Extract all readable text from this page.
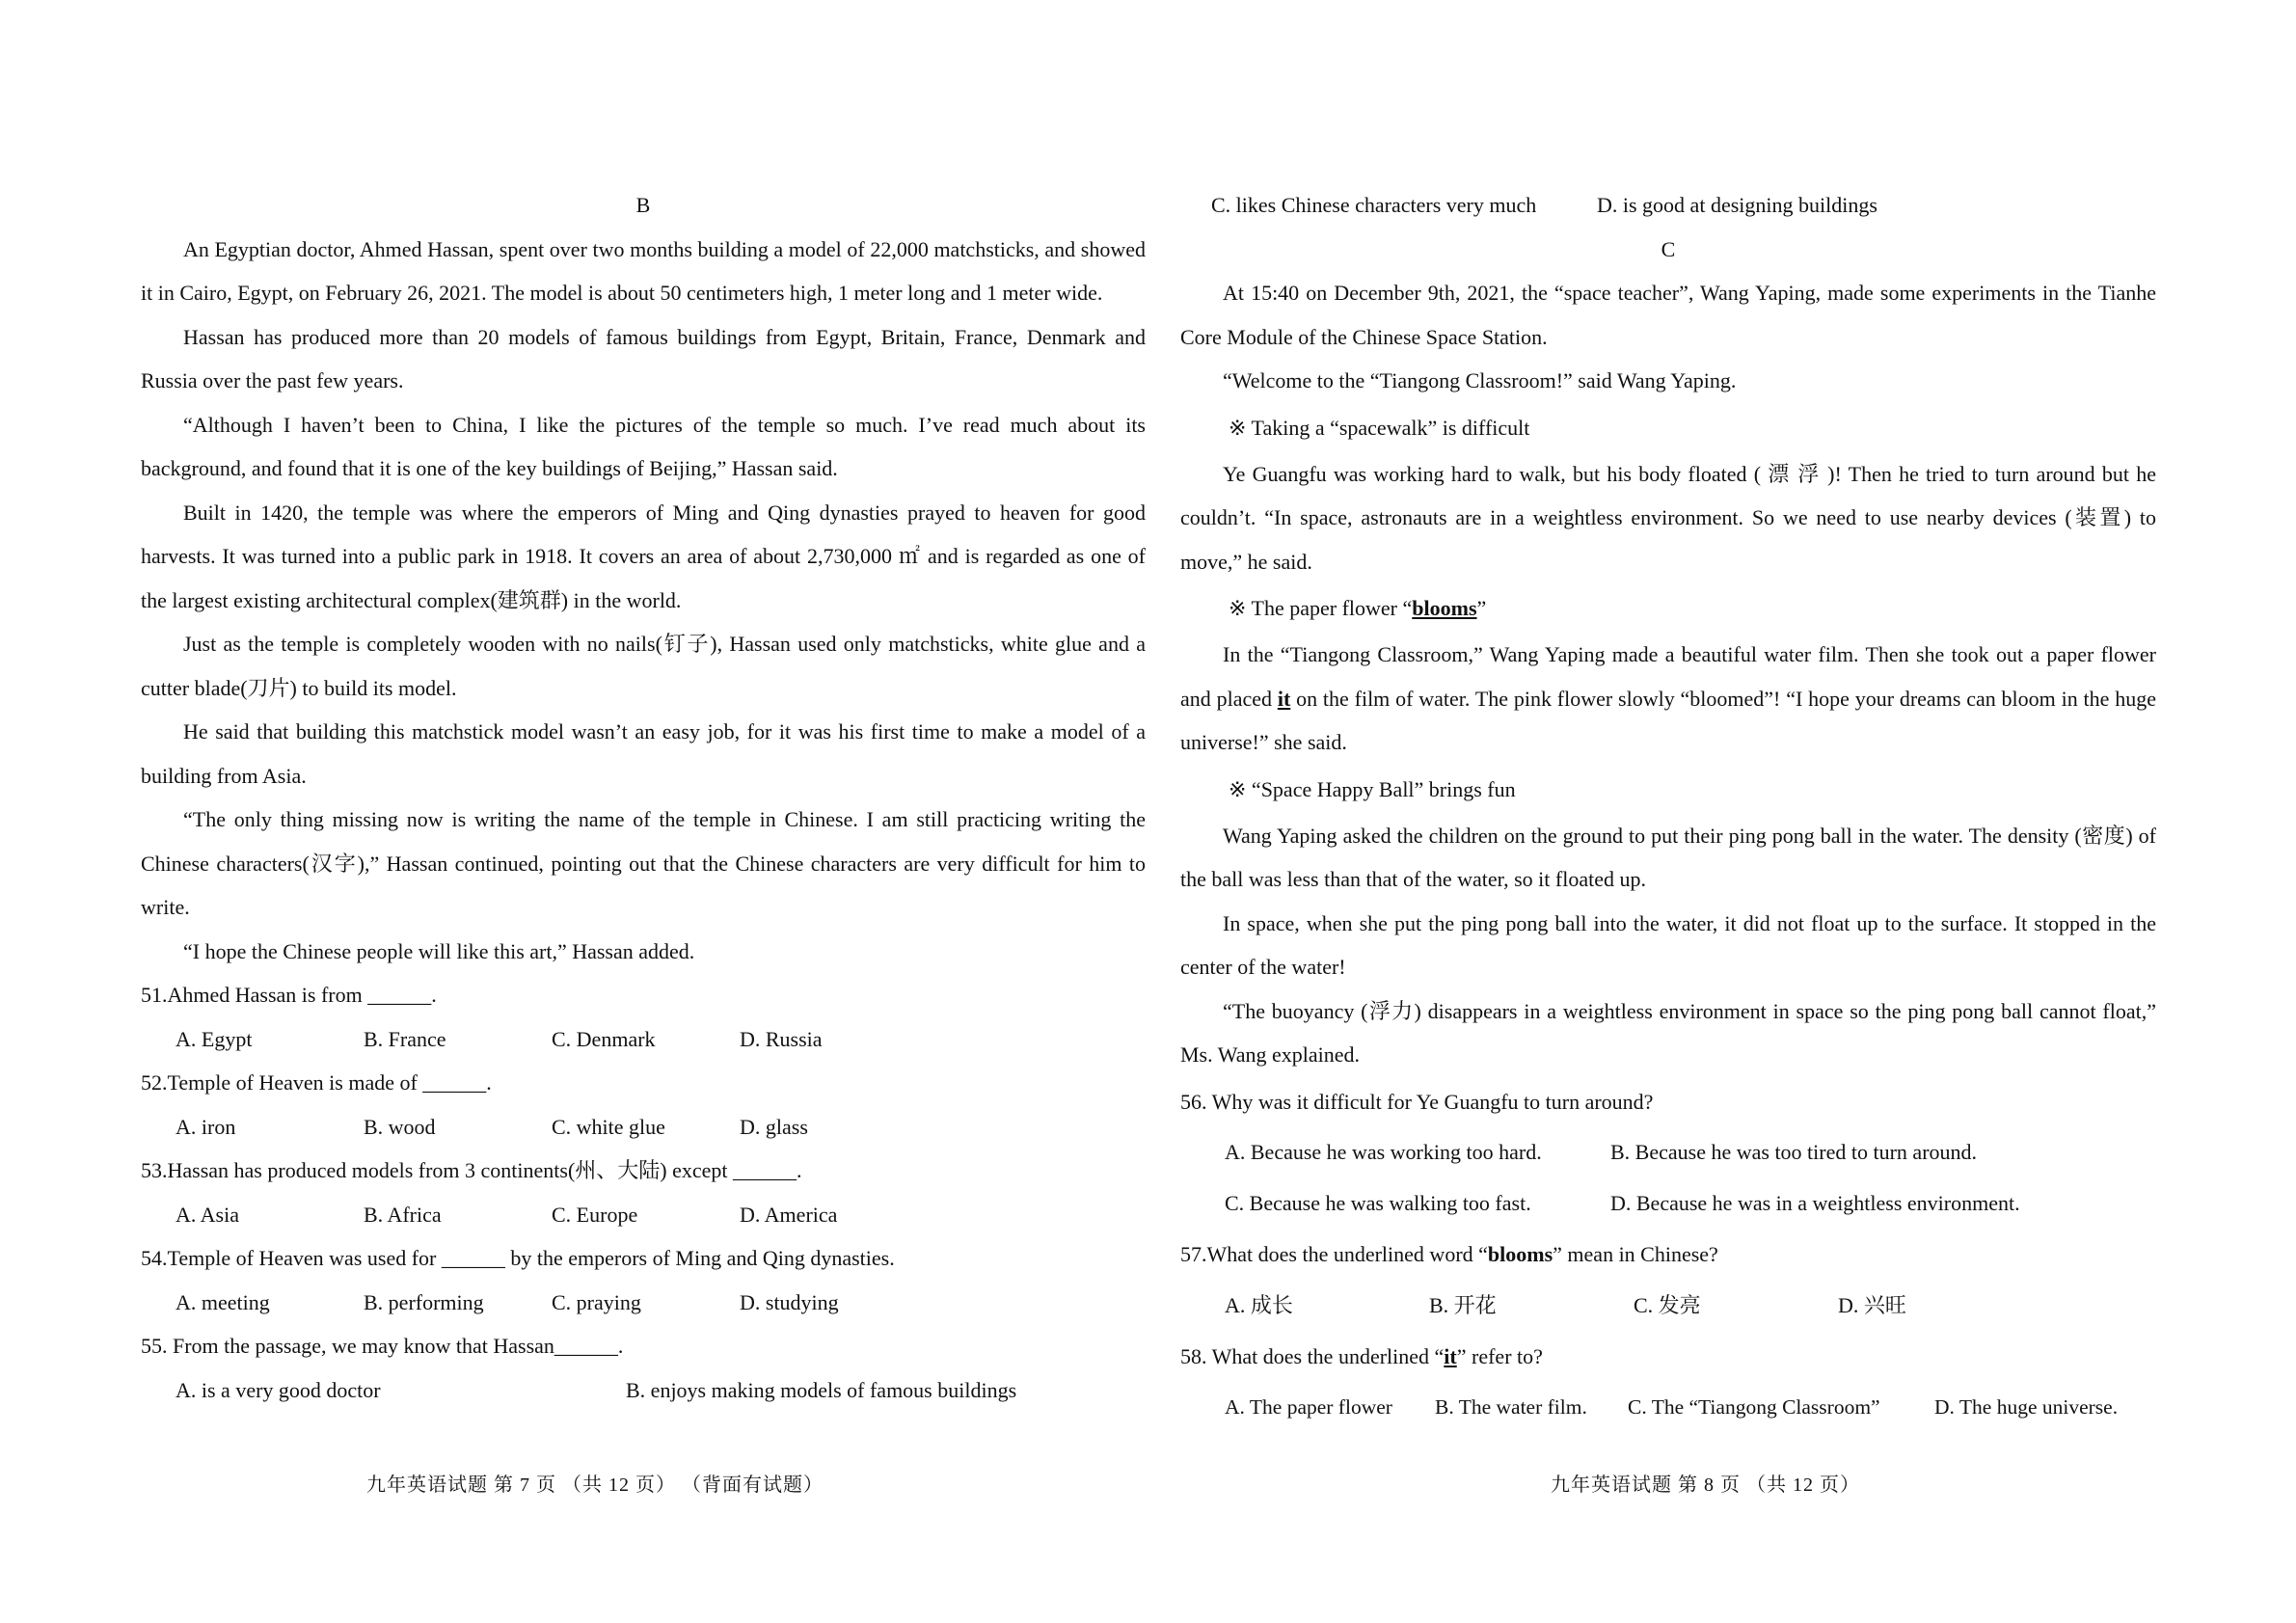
B

An Egyptian doctor, Ahmed Hassan, spent over two months building a model of 22,000 matchsticks, and showed it in Cairo, Egypt, on February 26, 2021. The model is about 50 centimeters high, 1 meter long and 1 meter wide.

Hassan has produced more than 20 models of famous buildings from Egypt, Britain, France, Denmark and Russia over the past few years.

“Although I haven’t been to China, I like the pictures of the temple so much. I’ve read much about its background, and found that it is one of the key buildings of Beijing,” Hassan said.

Built in 1420, the temple was where the emperors of Ming and Qing dynasties prayed to heaven for good harvests. It was turned into a public park in 1918. It covers an area of about 2,730,000 ㎡ and is regarded as one of the largest existing architectural complex(建筑群) in the world.

Just as the temple is completely wooden with no nails(钉子), Hassan used only matchsticks, white glue and a cutter blade(刀片) to build its model.

He said that building this matchstick model wasn’t an easy job, for it was his first time to make a model of a building from Asia.

“The only thing missing now is writing the name of the temple in Chinese. I am still practicing writing the Chinese characters(汉字),” Hassan continued, pointing out that the Chinese characters are very difficult for him to write.

“I hope the Chinese people will like this art,” Hassan added.

51.Ahmed Hassan is from ______.

A. Egypt	B. France	C. Denmark	D. Russia

52.Temple of Heaven is made of ______.

A. iron	B. wood	C. white glue	D. glass

53.Hassan has produced models from 3 continents(州、大陆) except ______.

A. Asia	B. Africa	C. Europe	D. America

54.Temple of Heaven was used for ______ by the emperors of Ming and Qing dynasties.

A. meeting	B. performing	C. praying	D. studying

55. From the passage, we may know that Hassan______.

A. is a very good doctor	B. enjoys making models of famous buildings
C. likes Chinese characters very much	D. is good at designing buildings

C

At 15:40 on December 9th, 2021, the “space teacher”, Wang Yaping, made some experiments in the Tianhe Core Module of the Chinese Space Station.

“Welcome to the “Tiangong Classroom!” said Wang Yaping.

※ Taking a “spacewalk” is difficult

Ye Guangfu was working hard to walk, but his body floated ( 漂 浮 )! Then he tried to turn around but he couldn’t. “In space, astronauts are in a weightless environment. So we need to use nearby devices (装置) to move,” he said.

※ The paper flower “blooms”

In the “Tiangong Classroom,” Wang Yaping made a beautiful water film. Then she took out a paper flower and placed it on the film of water. The pink flower slowly “bloomed”! “I hope your dreams can bloom in the huge universe!” she said.

※ “Space Happy Ball” brings fun

Wang Yaping asked the children on the ground to put their ping pong ball in the water. The density (密度) of the ball was less than that of the water, so it floated up.

In space, when she put the ping pong ball into the water, it did not float up to the surface. It stopped in the center of the water!

“The buoyancy (浮力) disappears in a weightless environment in space so the ping pong ball cannot float,” Ms. Wang explained.

56. Why was it difficult for Ye Guangfu to turn around?

A. Because he was working too hard.	B. Because he was too tired to turn around.
C. Because he was walking too fast.	D. Because he was in a weightless environment.

57.What does the underlined word “blooms” mean in Chinese?

A. 成长	B. 开花	C. 发亮	D. 兴旺

58. What does the underlined “it” refer to?

A. The paper flower	B. The water film.	C. The “Tiangong Classroom”	D. The huge universe.
九年英语试题 第 7 页 （共 12 页） （背面有试题）	九年英语试题 第 8 页 （共 12 页）
